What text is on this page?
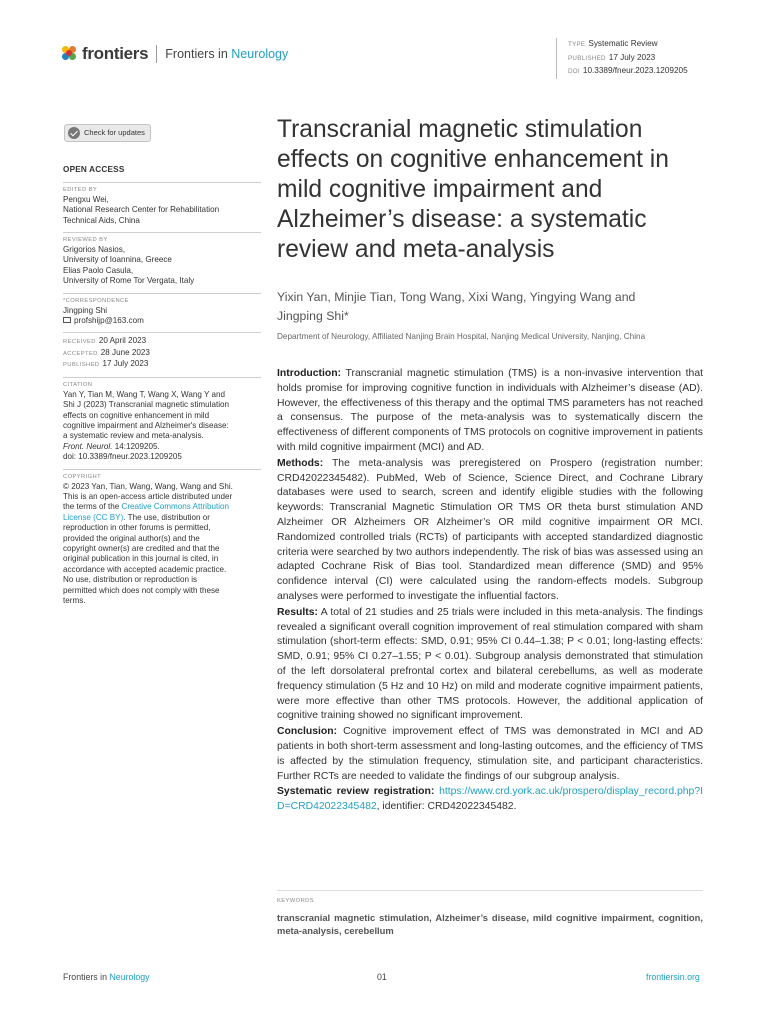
frontiers Frontiers in Neurology
TYPE Systematic Review
PUBLISHED 17 July 2023
DOI 10.3389/fneur.2023.1209205
Check for updates
OPEN ACCESS
EDITED BY
Pengxu Wei,
National Research Center for Rehabilitation
Technical Aids, China
REVIEWED BY
Grigorios Nasios,
University of Ioannina, Greece
Elias Paolo Casula,
University of Rome Tor Vergata, Italy
*CORRESPONDENCE
Jingping Shi
profshijp@163.com
RECEIVED 20 April 2023
ACCEPTED 28 June 2023
PUBLISHED 17 July 2023
CITATION
Yan Y, Tian M, Wang T, Wang X, Wang Y and
Shi J (2023) Transcranial magnetic stimulation
effects on cognitive enhancement in mild
cognitive impairment and Alzheimer's disease:
a systematic review and meta-analysis.
Front. Neurol. 14:1209205.
doi: 10.3389/fneur.2023.1209205
COPYRIGHT
© 2023 Yan, Tian, Wang, Wang, Wang and Shi.
This is an open-access article distributed under
the terms of the Creative Commons Attribution
License (CC BY). The use, distribution or
reproduction in other forums is permitted,
provided the original author(s) and the
copyright owner(s) are credited and that the
original publication in this journal is cited, in
accordance with accepted academic practice.
No use, distribution or reproduction is
permitted which does not comply with these
terms.
Transcranial magnetic stimulation effects on cognitive enhancement in mild cognitive impairment and Alzheimer’s disease: a systematic review and meta-analysis
Yixin Yan, Minjie Tian, Tong Wang, Xixi Wang, Yingying Wang and
Jingping Shi*
Department of Neurology, Affiliated Nanjing Brain Hospital, Nanjing Medical University, Nanjing, China

Introduction: Transcranial magnetic stimulation (TMS) is a non-invasive intervention that holds promise for improving cognitive function in individuals with Alzheimer’s disease (AD). However, the effectiveness of this therapy and the optimal TMS parameters has not reached a consensus. The purpose of the meta-analysis was to systematically discern the effectiveness of different components of TMS protocols on cognitive improvement in patients with mild cognitive impairment (MCI) and AD.

Methods: The meta-analysis was preregistered on Prospero (registration number: CRD42022345482). PubMed, Web of Science, Science Direct, and Cochrane Library databases were used to search, screen and identify eligible studies with the following keywords: Transcranial Magnetic Stimulation OR TMS OR theta burst stimulation AND Alzheimer OR Alzheimers OR Alzheimer’s OR mild cognitive impairment OR MCI. Randomized controlled trials (RCTs) of participants with accepted standardized diagnostic criteria were searched by two authors independently. The risk of bias was assessed using an adapted Cochrane Risk of Bias tool. Standardized mean difference (SMD) and 95% confidence interval (CI) were calculated using the random-effects models. Subgroup analyses were performed to investigate the influential factors.

Results: A total of 21 studies and 25 trials were included in this meta-analysis. The findings revealed a significant overall cognition improvement of real stimulation compared with sham stimulation (short-term effects: SMD, 0.91; 95% CI 0.44–1.38; P < 0.01; long-lasting effects: SMD, 0.91; 95% CI 0.27–1.55; P < 0.01). Subgroup analysis demonstrated that stimulation of the left dorsolateral prefrontal cortex and bilateral cerebellums, as well as moderate frequency stimulation (5 Hz and 10 Hz) on mild and moderate cognitive impairment patients, were more effective than other TMS protocols. However, the additional application of cognitive training showed no significant improvement.

Conclusion: Cognitive improvement effect of TMS was demonstrated in MCI and AD patients in both short-term assessment and long-lasting outcomes, and the efficiency of TMS is affected by the stimulation frequency, stimulation site, and participant characteristics. Further RCTs are needed to validate the findings of our subgroup analysis.

Systematic review registration: https://www.crd.york.ac.uk/prospero/display_record.php?ID=CRD42022345482, identifier: CRD42022345482.

KEYWORDS
transcranial magnetic stimulation, Alzheimer’s disease, mild cognitive impairment, cognition, meta-analysis, cerebellum
Frontiers in Neurology	01	frontiersin.org
